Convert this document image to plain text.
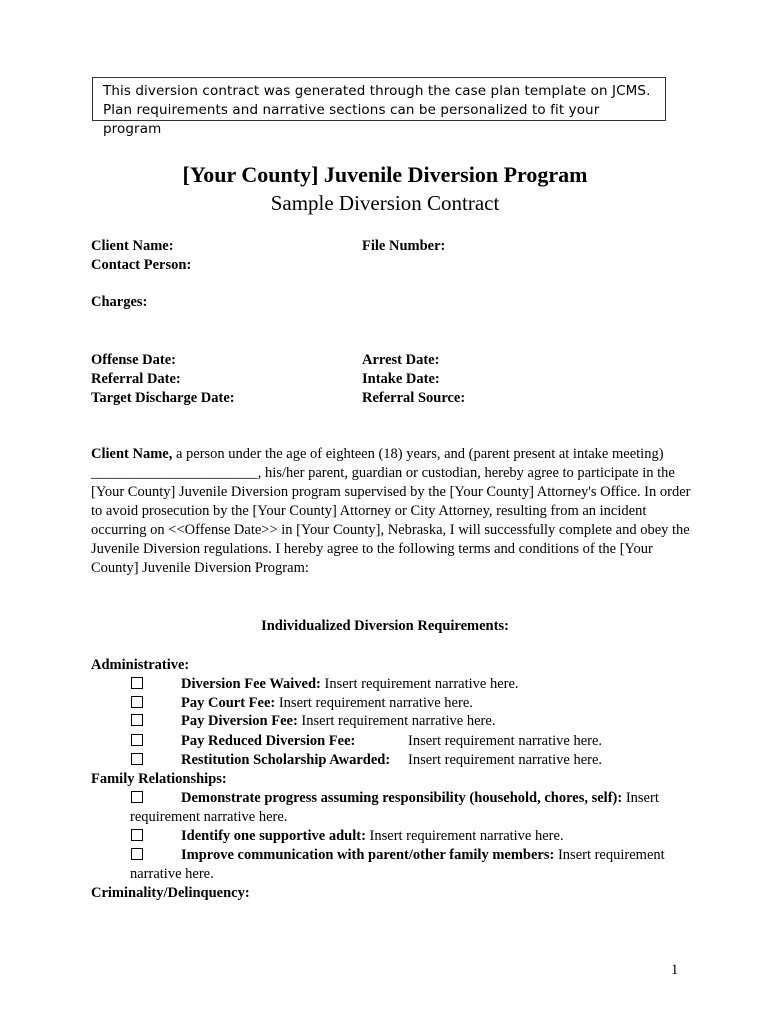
This diversion contract was generated through the case plan template on JCMS.
Plan requirements and narrative sections can be personalized to fit your program
[Your County] Juvenile Diversion Program
Sample Diversion Contract
Client Name:	File Number:
Contact Person:
Charges:
Offense Date:	Arrest Date:
Referral Date:	Intake Date:
Target Discharge Date:	Referral Source:
Client Name, a person under the age of eighteen (18) years, and (parent present at intake meeting) _______________________, his/her parent, guardian or custodian, hereby agree to participate in the [Your County] Juvenile Diversion program supervised by the [Your County] Attorney's Office. In order to avoid prosecution by the [Your County] Attorney or City Attorney, resulting from an incident occurring on <<Offense Date>> in [Your County], Nebraska, I will successfully complete and obey the Juvenile Diversion regulations. I hereby agree to the following terms and conditions of the [Your County] Juvenile Diversion Program:
Individualized Diversion Requirements:
Administrative:
Diversion Fee Waived: Insert requirement narrative here.
Pay Court Fee: Insert requirement narrative here.
Pay Diversion Fee: Insert requirement narrative here.
Pay Reduced Diversion Fee:	Insert requirement narrative here.
Restitution Scholarship Awarded: Insert requirement narrative here.
Family Relationships:
Demonstrate progress assuming responsibility (household, chores, self): Insert requirement narrative here.
Identify one supportive adult: Insert requirement narrative here.
Improve communication with parent/other family members: Insert requirement narrative here.
Criminality/Delinquency:
1
